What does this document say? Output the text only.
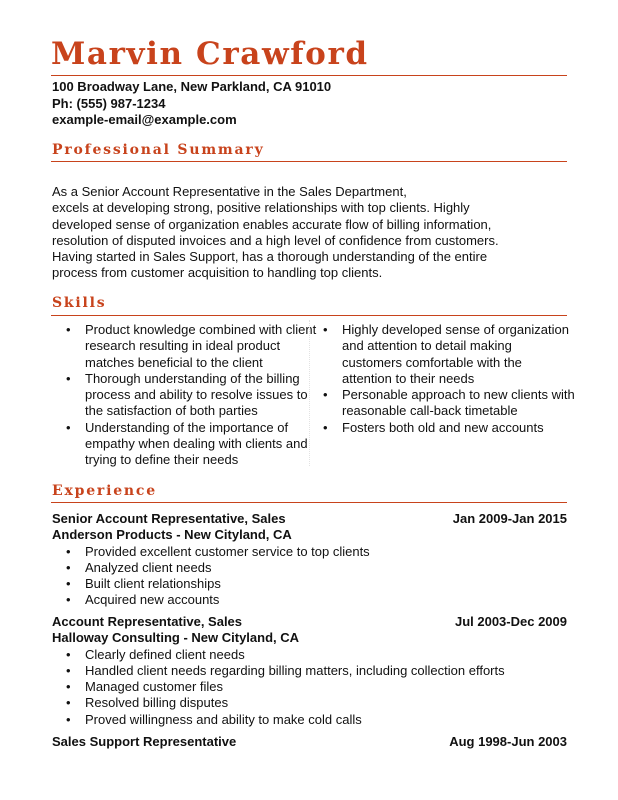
Marvin Crawford
100 Broadway Lane, New Parkland, CA 91010
Ph: (555) 987-1234
example-email@example.com
Professional Summary
As a Senior Account Representative in the Sales Department,
excels at developing strong, positive relationships with top clients. Highly
developed sense of organization enables accurate flow of billing information,
resolution of disputed invoices and a high level of confidence from customers.
Having started in Sales Support, has a thorough understanding of the entire
process from customer acquisition to handling top clients.
Skills
• Product knowledge combined with client
research resulting in ideal product
matches beneficial to the client
• Thorough understanding of the billing
process and ability to resolve issues to
the satisfaction of both parties
• Understanding of the importance of
empathy when dealing with clients and
trying to define their needs
• Highly developed sense of organization
and attention to detail making
customers comfortable with the
attention to their needs
• Personable approach to new clients with
reasonable call-back timetable
• Fosters both old and new accounts
Experience
Senior Account Representative, Sales	Jan 2009-Jan 2015
Anderson Products - New Cityland, CA
• Provided excellent customer service to top clients
• Analyzed client needs
• Built client relationships
• Acquired new accounts
Account Representative, Sales	Jul 2003-Dec 2009
Halloway Consulting - New Cityland, CA
• Clearly defined client needs
• Handled client needs regarding billing matters, including collection efforts
• Managed customer files
• Resolved billing disputes
• Proved willingness and ability to make cold calls
Sales Support Representative	Aug 1998-Jun 2003
